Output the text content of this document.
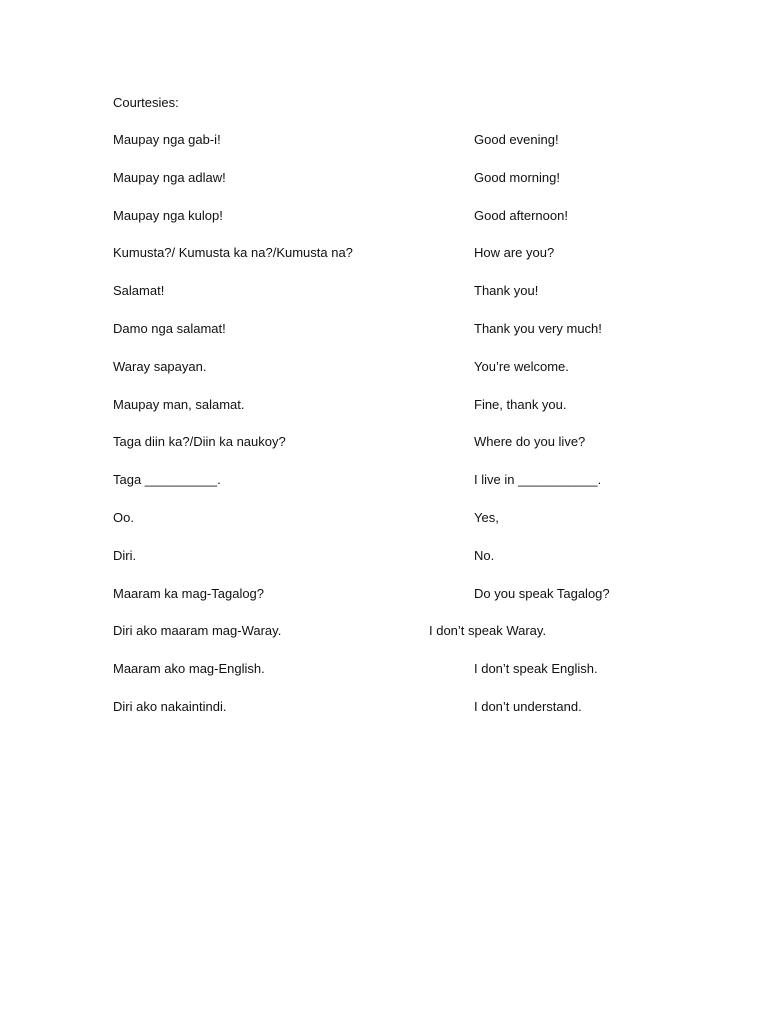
Courtesies:
Maupay nga gab-i!	Good evening!
Maupay nga adlaw!	Good morning!
Maupay nga kulop!	Good afternoon!
Kumusta?/ Kumusta ka na?/Kumusta na?	How are you?
Salamat!	Thank you!
Damo nga salamat!	Thank you very much!
Waray sapayan.	You’re welcome.
Maupay man, salamat.	Fine, thank you.
Taga diin ka?/Diin ka naukoy?	Where do you live?
Taga __________.	I live in ___________.
Oo.	Yes,
Diri.	No.
Maaram ka mag-Tagalog?	Do you speak Tagalog?
Diri ako maaram mag-Waray.	I don’t speak Waray.
Maaram ako mag-English.	I don’t speak English.
Diri ako nakaintindi.	I don’t understand.
